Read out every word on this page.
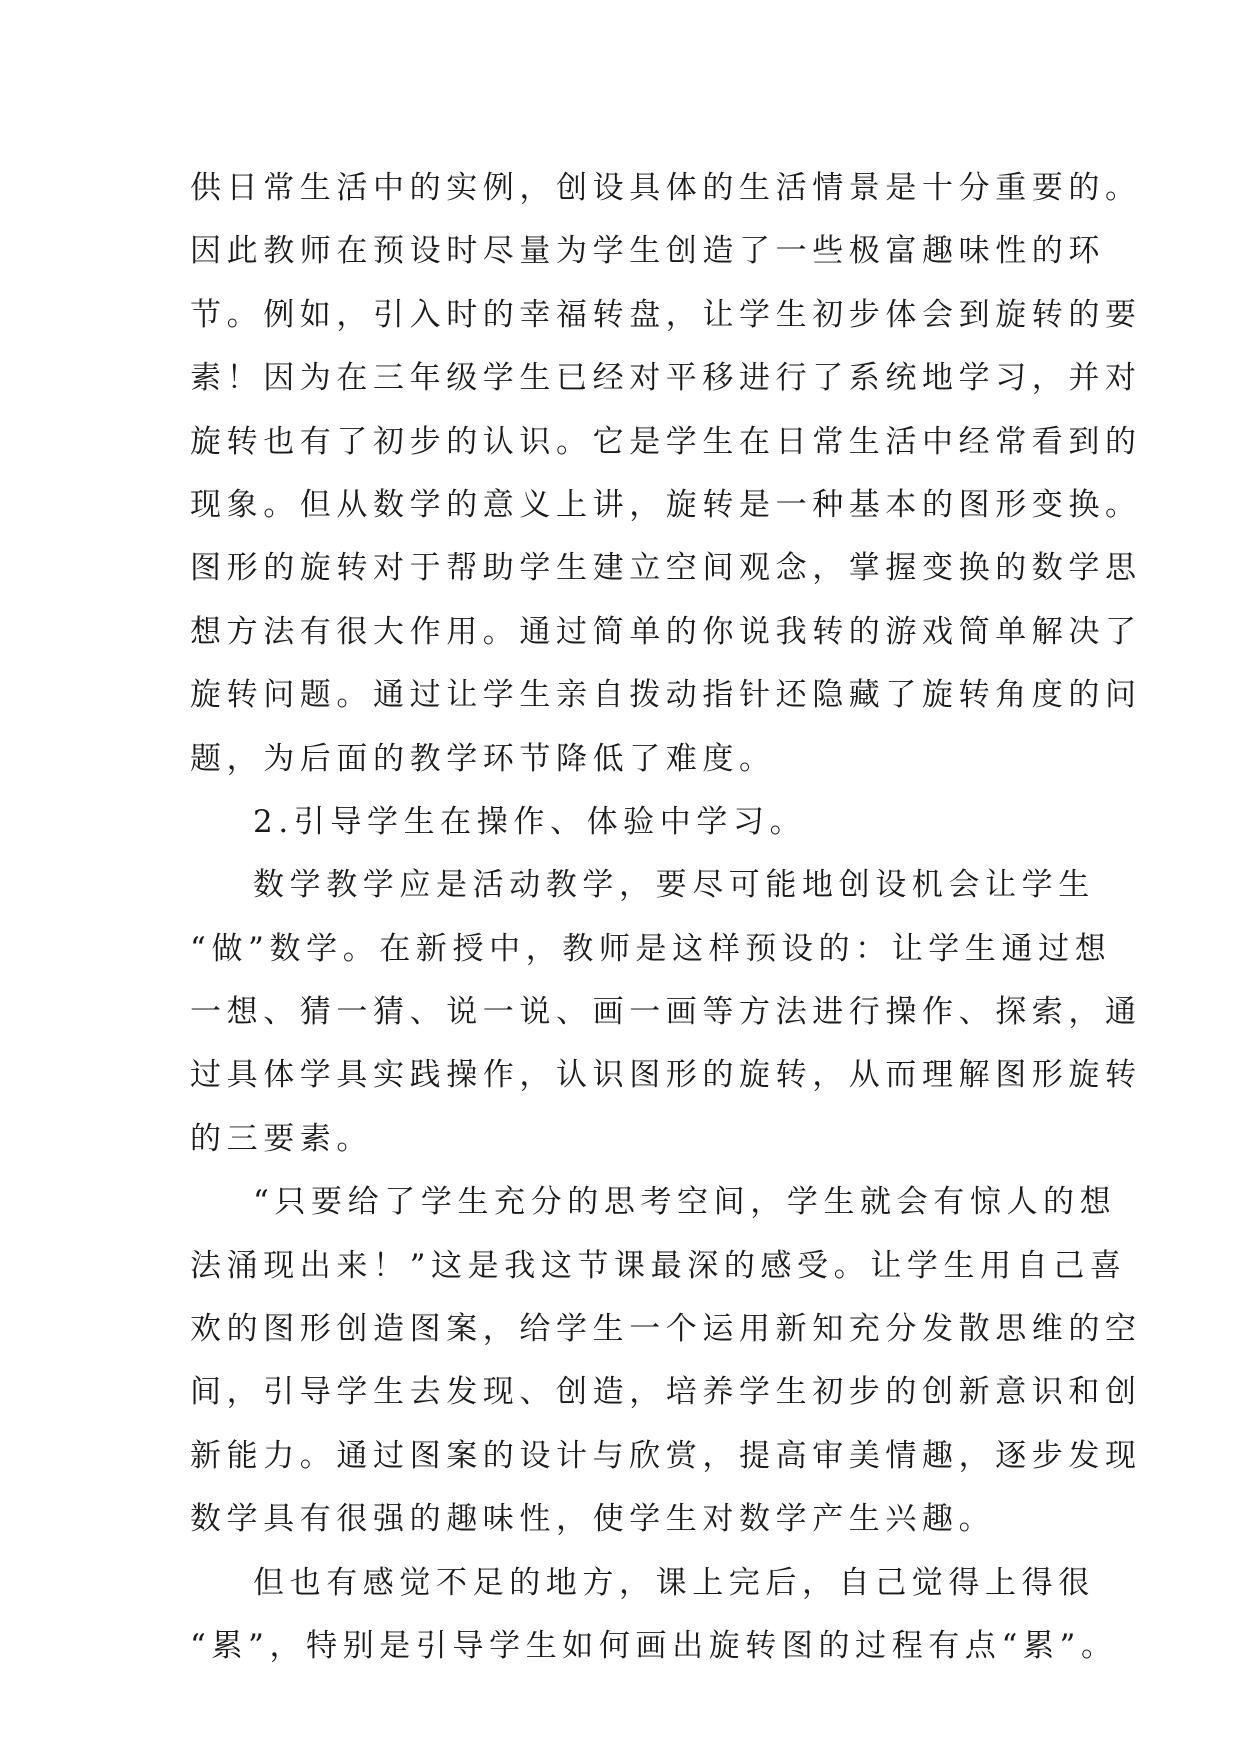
供日常生活中的实例，创设具体的生活情景是十分重要的。
因此教师在预设时尽量为学生创造了一些极富趣味性的环
节。例如，引入时的幸福转盘，让学生初步体会到旋转的要
素！因为在三年级学生已经对平移进行了系统地学习，并对
旋转也有了初步的认识。它是学生在日常生活中经常看到的
现象。但从数学的意义上讲，旋转是一种基本的图形变换。
图形的旋转对于帮助学生建立空间观念，掌握变换的数学思
想方法有很大作用。通过简单的你说我转的游戏简单解决了
旋转问题。通过让学生亲自拨动指针还隐藏了旋转角度的问
题，为后面的教学环节降低了难度。
2.引导学生在操作、体验中学习。
数学教学应是活动教学，要尽可能地创设机会让学生
“做”数学。在新授中，教师是这样预设的：让学生通过想
一想、猜一猜、说一说、画一画等方法进行操作、探索，通
过具体学具实践操作，认识图形的旋转，从而理解图形旋转
的三要素。
“只要给了学生充分的思考空间，学生就会有惊人的想
法涌现出来！”这是我这节课最深的感受。让学生用自己喜
欢的图形创造图案，给学生一个运用新知充分发散思维的空
间，引导学生去发现、创造，培养学生初步的创新意识和创
新能力。通过图案的设计与欣赏，提高审美情趣，逐步发现
数学具有很强的趣味性，使学生对数学产生兴趣。
但也有感觉不足的地方，课上完后，自己觉得上得很
“累”，特别是引导学生如何画出旋转图的过程有点“累”。
